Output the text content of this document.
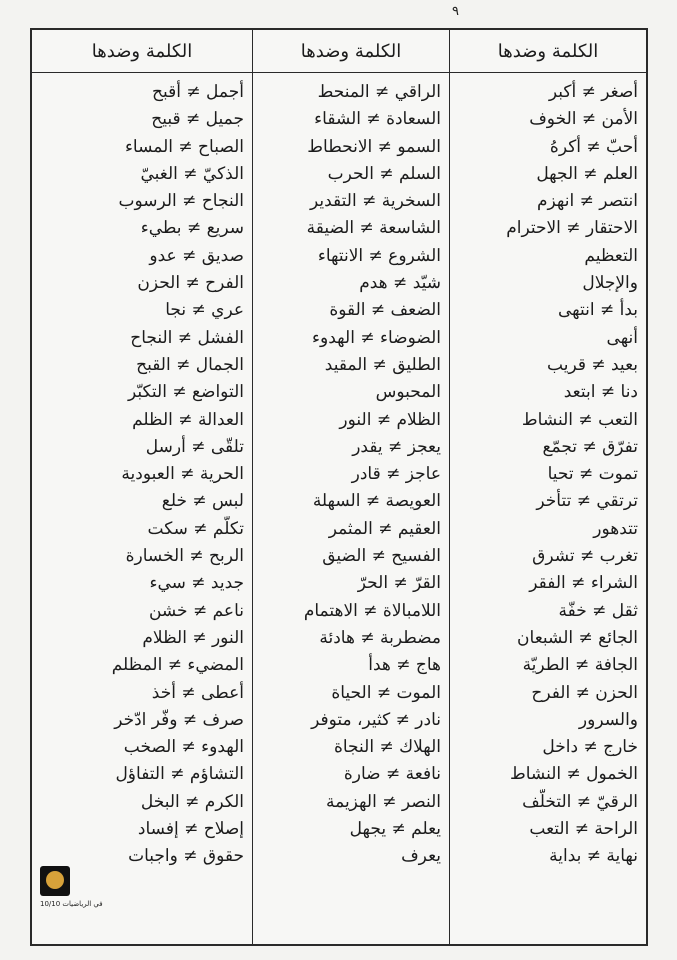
٩
الكلمة وضدها
أصغر ≠ أكبر
الأمن ≠ الخوف
أحبّ ≠ أكرهُ
العلم ≠ الجهل
انتصر ≠ انهزم
الاحتقار ≠ الاحترام
التعظيم
والإجلال
بدأ ≠ انتهى
أنهى
بعيد ≠ قريب
دنا ≠ ابتعد
التعب ≠ النشاط
تفرّق ≠ تجمّع
تموت ≠ تحيا
ترتقي ≠ تتأخر
تتدهور
تغرب ≠ تشرق
الشراء ≠ الفقر
ثقل ≠ خفّة
الجائع ≠ الشبعان
الجافة ≠ الطريّة
الحزن ≠ الفرح
والسرور
خارج ≠ داخل
الخمول ≠ النشاط
الرقيّ ≠ التخلّف
الراحة ≠ التعب
نهاية ≠ بداية
الكلمة وضدها
الراقي ≠ المنحط
السعادة ≠ الشقاء
السمو ≠ الانحطاط
السلم ≠ الحرب
السخرية ≠ التقدير
الشاسعة ≠ الضيقة
الشروع ≠ الانتهاء
شيّد ≠ هدم
الضعف ≠ القوة
الضوضاء ≠ الهدوء
الطليق ≠ المقيد
المحبوس
الظلام ≠ النور
يعجز ≠ يقدر
عاجز ≠ قادر
العويصة ≠ السهلة
العقيم ≠ المثمر
الفسيح ≠ الضيق
القرّ ≠ الحرّ
اللامبالاة ≠ الاهتمام
مضطربة ≠ هادئة
هاج ≠ هدأ
الموت ≠ الحياة
نادر ≠ كثير، متوفر
الهلاك ≠ النجاة
نافعة ≠ ضارة
النصر ≠ الهزيمة
يعلم ≠ يجهل
يعرف
الكلمة وضدها
أجمل ≠ أقبح
جميل ≠ قبيح
الصباح ≠ المساء
الذكيّ ≠ الغبيّ
النجاح ≠ الرسوب
سريع ≠ بطيء
صديق ≠ عدو
الفرح ≠ الحزن
عري ≠ نجا
الفشل ≠ النجاح
الجمال ≠ القبح
التواضع ≠ التكبّر
العدالة ≠ الظلم
تلقّى ≠ أرسل
الحرية ≠ العبودية
لبس ≠ خلع
تكلّم ≠ سكت
الربح ≠ الخسارة
جديد ≠ سيء
ناعم ≠ خشن
النور ≠ الظلام
المضيء ≠ المظلم
أعطى ≠ أخذ
صرف ≠ وفّر ادّخر
الهدوء ≠ الصخب
التشاؤم ≠ التفاؤل
الكرم ≠ البخل
إصلاح ≠ إفساد
حقوق ≠ واجبات
10/10 في الرياضيات
